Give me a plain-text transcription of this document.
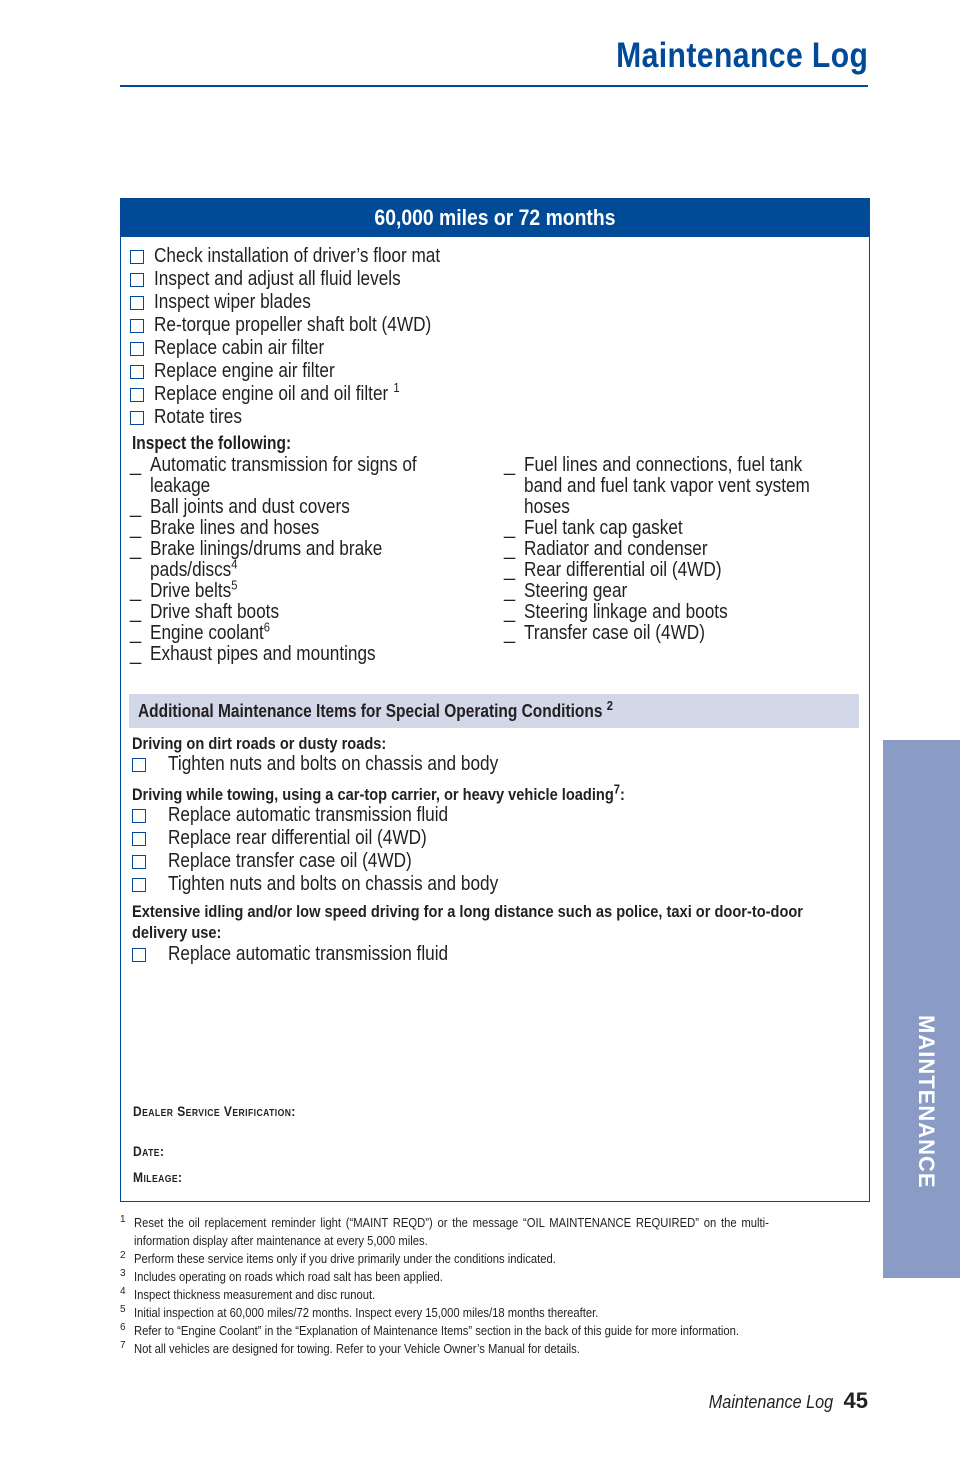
Maintenance Log
MAINTENANCE
60,000 miles or 72 months
Check installation of driver’s floor mat
Inspect and adjust all fluid levels
Inspect wiper blades
Re-torque propeller shaft bolt (4WD)
Replace cabin air filter
Replace engine air filter
Replace engine oil and oil filter $^1$
Rotate tires
Inspect the following:
_ Automatic transmission for signs of leakage
_ Ball joints and dust covers
_ Brake lines and hoses
_ Brake linings/drums and brake pads/discs$^4$
_ Drive belts$^5$
_ Drive shaft boots
_ Engine coolant$^6$
_ Exhaust pipes and mountings
_ Fuel lines and connections, fuel tank band and fuel tank vapor vent system hoses
_ Fuel tank cap gasket
_ Radiator and condenser
_ Rear differential oil (4WD)
_ Steering gear
_ Steering linkage and boots
_ Transfer case oil (4WD)
Additional Maintenance Items for Special Operating Conditions $^2$
Driving on dirt roads or dusty roads:
Tighten nuts and bolts on chassis and body
Driving while towing, using a car-top carrier, or heavy vehicle loading$^7$:
Replace automatic transmission fluid
Replace rear differential oil (4WD)
Replace transfer case oil (4WD)
Tighten nuts and bolts on chassis and body
Extensive idling and/or low speed driving for a long distance such as police, taxi or door-to-door delivery use:
Replace automatic transmission fluid
Dealer Service Verification:
Date:
Mileage:
1 Reset the oil replacement reminder light (“MAINT REQD”) or the message “OIL MAINTENANCE REQUIRED” on the multi-information display after maintenance at every 5,000 miles.
2 Perform these service items only if you drive primarily under the conditions indicated.
3 Includes operating on roads which road salt has been applied.
4 Inspect thickness measurement and disc runout.
5 Initial inspection at 60,000 miles/72 months. Inspect every 15,000 miles/18 months thereafter.
6 Refer to “Engine Coolant” in the “Explanation of Maintenance Items” section in the back of this guide for more information.
7 Not all vehicles are designed for towing. Refer to your Vehicle Owner’s Manual for details.
Maintenance Log 45
